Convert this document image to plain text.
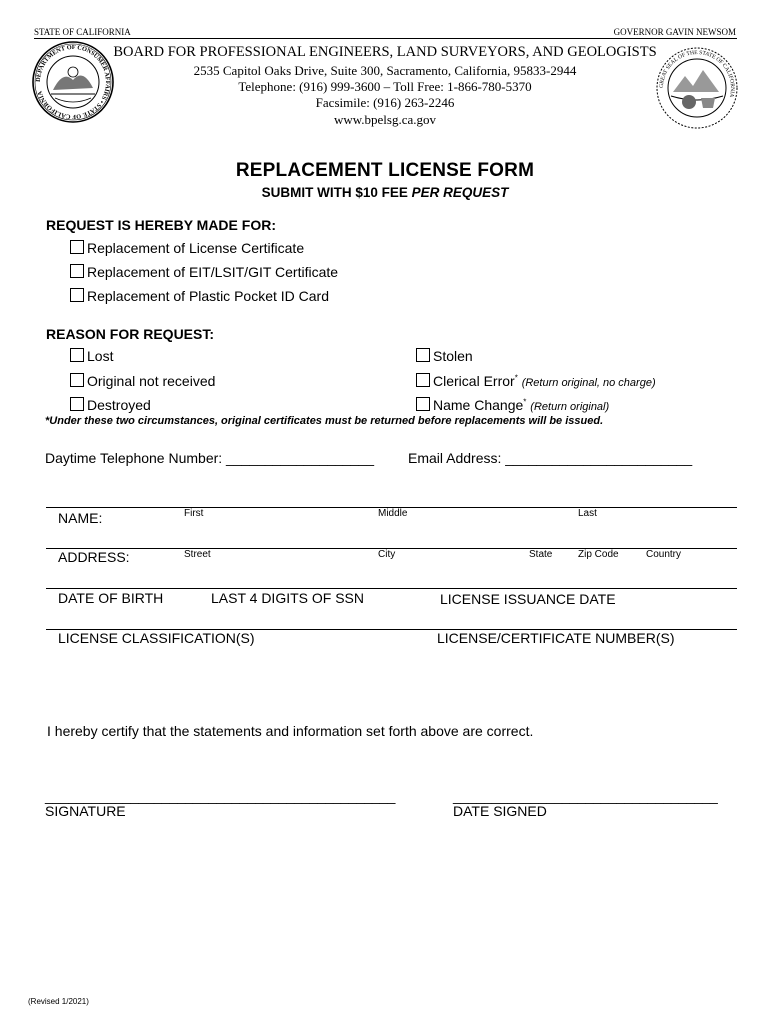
STATE OF CALIFORNIA	GOVERNOR GAVIN NEWSOM
DEPARTMENT OF CONSUMER AFFAIRS • STATE OF CALIFORNIA
GREAT SEAL OF THE STATE OF CALIFORNIA
BOARD FOR PROFESSIONAL ENGINEERS, LAND SURVEYORS, AND GEOLOGISTS
2535 Capitol Oaks Drive, Suite 300, Sacramento, California, 95833-2944
Telephone: (916) 999-3600 – Toll Free: 1-866-780-5370
Facsimile: (916) 263-2246
www.bpelsg.ca.gov
REPLACEMENT LICENSE FORM
SUBMIT WITH $10 FEE PER REQUEST
REQUEST IS HEREBY MADE FOR:
Replacement of License Certificate
Replacement of EIT/LSIT/GIT Certificate
Replacement of Plastic Pocket ID Card
REASON FOR REQUEST:
Lost
Original not received
Destroyed
Stolen
Clerical Error* (Return original, no charge)
Name Change* (Return original)
*Under these two circumstances, original certificates must be returned before replacements will be issued.
Daytime Telephone Number: ___________________ Email Address: ________________________
NAME:	First	Middle	Last
ADDRESS:	Street	City	State	Zip Code	Country
DATE OF BIRTH	LAST 4 DIGITS OF SSN	LICENSE ISSUANCE DATE
LICENSE CLASSIFICATION(S)	LICENSE/CERTIFICATE NUMBER(S)
I hereby certify that the statements and information set forth above are correct.
_____________________________________________	__________________________________
SIGNATURE	DATE SIGNED
(Revised 1/2021)
